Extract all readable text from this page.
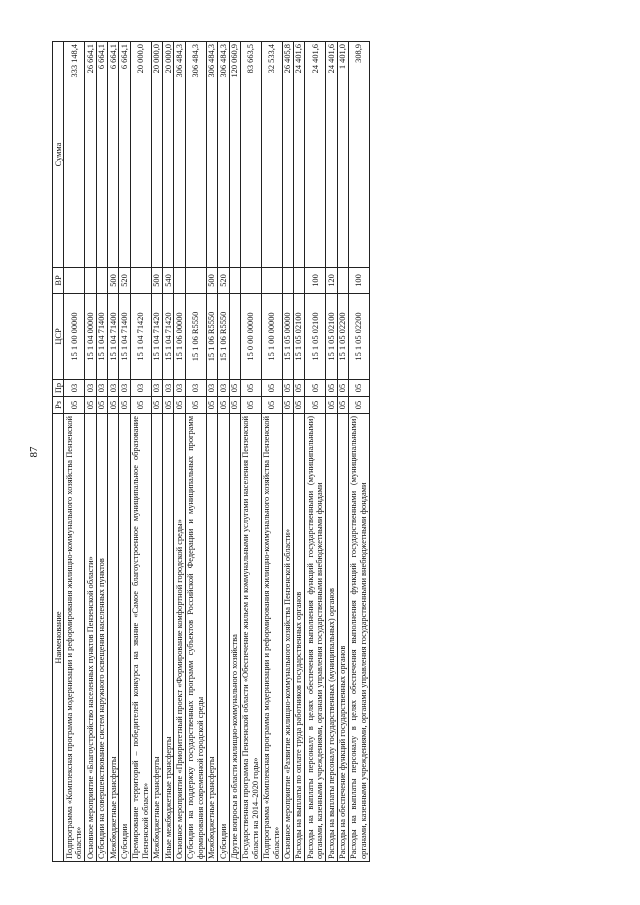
87
Наименование	Рз	Пр	ЦСР	ВР	Сумма
Подпрограмма «Комплексная программа модернизации и реформирования жилищно-коммунального хозяйства Пензенской области»	05	03	15 1 00 00000		333 148,4
Основное мероприятие «Благоустройство населенных пунктов Пензенской области»	05	03	15 1 04 00000		26 664,1
Субсидии на совершенствование систем наружного освещения населенных пунктов	05	03	15 1 04 71400		6 664,1
Межбюджетные трансферты	05	03	15 1 04 71400	500	6 664,1
Субсидии	05	03	15 1 04 71400	520	6 664,1
Премирование территорий – победителей конкурса на звание «Самое благоустроенное муниципальное образование Пензенской области»	05	03	15 1 04 71420		20 000,0
Межбюджетные трансферты	05	03	15 1 04 71420	500	20 000,0
Иные межбюджетные трансферты	05	03	15 1 04 71420	540	20 000,0
Основное мероприятие «Приоритетный проект «Формирование комфортной городской среды»	05	03	15 1 06 00000		306 484,3
Субсидии на поддержку государственных программ субъектов Российской Федерации и муниципальных программ формирования современной городской среды	05	03	15 1 06 R5550		306 484,3
Межбюджетные трансферты	05	03	15 1 06 R5550	500	306 484,3
Субсидии	05	03	15 1 06 R5550	520	306 484,3
Другие вопросы в области жилищно-коммунального хозяйства	05	05			120 060,9
Государственная программа Пензенской области «Обеспечение жильем и коммунальными услугами населения Пензенской области на 2014–2020 годы»	05	05	15 0 00 00000		83 663,5
Подпрограмма «Комплексная программа модернизации и реформирования жилищно-коммунального хозяйства Пензенской области»	05	05	15 1 00 00000		32 533,4
Основное мероприятие «Развитие жилищно-коммунального хозяйства Пензенской области»	05	05	15 1 05 00000		26 405,8
Расходы на выплаты по оплате труда работников государственных органов	05	05	15 1 05 02100		24 401,6
Расходы на выплаты персоналу в целях обеспечения выполнения функций государственными (муниципальными) органами, казенными учреждениями, органами управления государственными внебюджетными фондами	05	05	15 1 05 02100	100	24 401,6
Расходы на выплаты персоналу государственных (муниципальных) органов	05	05	15 1 05 02100	120	24 401,6
Расходы на обеспечение функций государственных органов	05	05	15 1 05 02200		1 401,0
Расходы на выплаты персоналу в целях обеспечения выполнения функций государственными (муниципальными) органами, казенными учреждениями, органами управления государственными внебюджетными фондами	05	05	15 1 05 02200	100	308,9
